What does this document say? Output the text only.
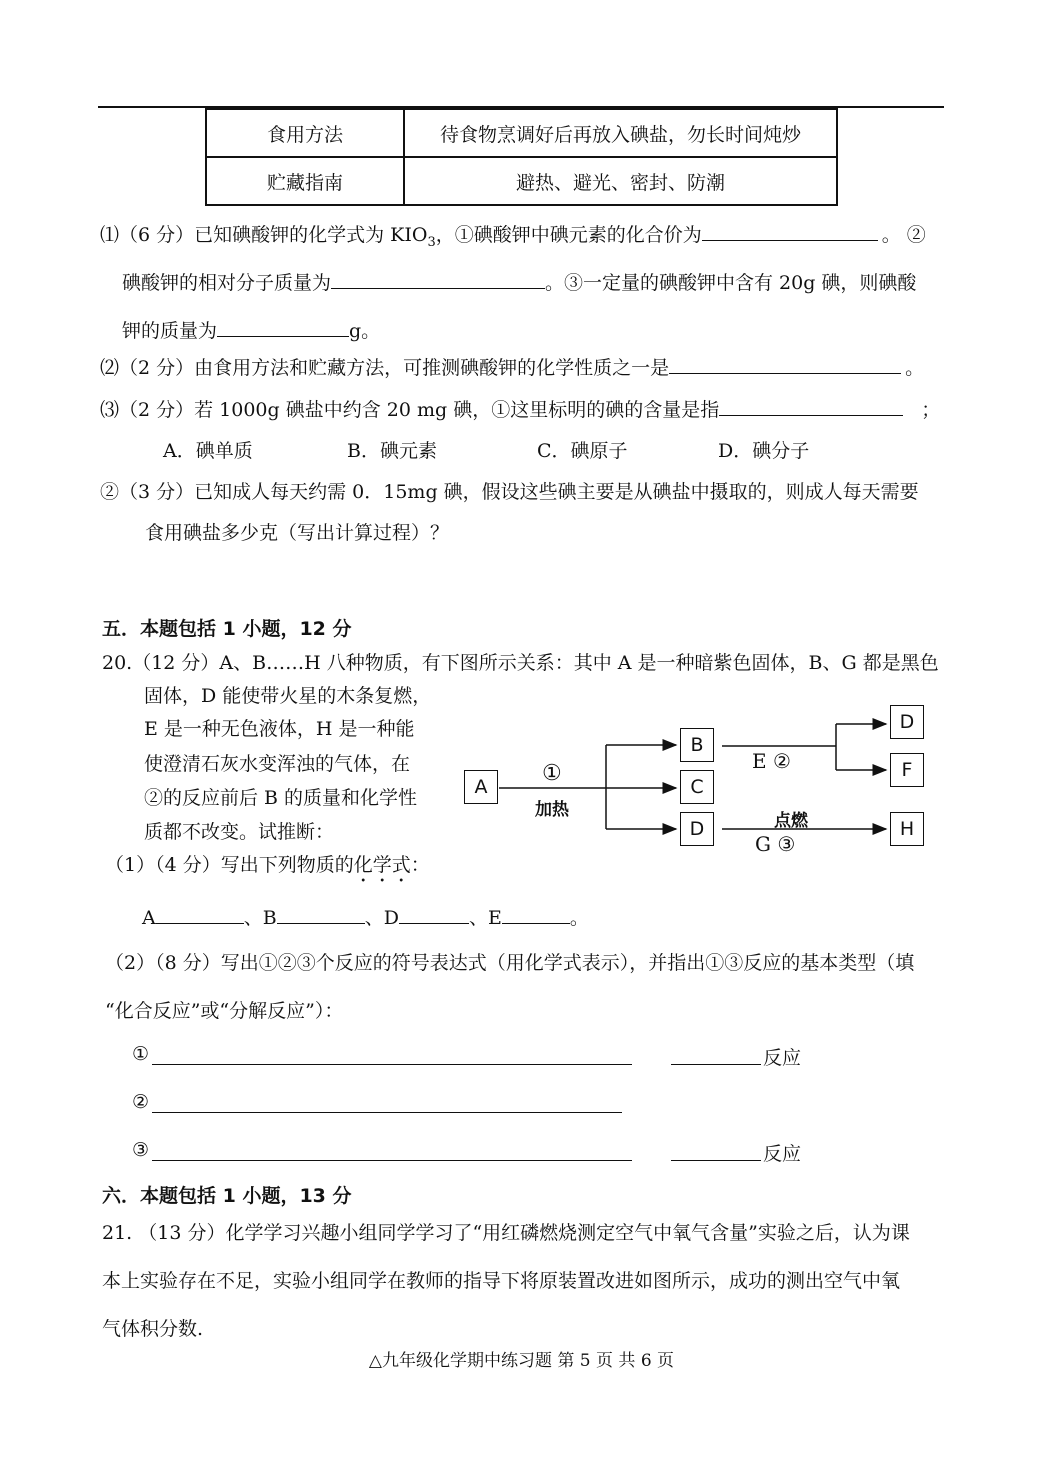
食用方法	待食物烹调好后再放入碘盐，勿长时间炖炒
贮藏指南	避热、避光、密封、防潮
⑴（6 分）已知碘酸钾的化学式为 $KIO_3$，①碘酸钾中碘元素的化合价为	。 ②
碘酸钾的相对分子质量为	。③一定量的碘酸钾中含有 20g 碘，则碘酸
钾的质量为	g。
⑵（2 分）由食用方法和贮藏方法，可推测碘酸钾的化学性质之一是	。
⑶（2 分）若 1000g 碘盐中约含 20 mg 碘，①这里标明的碘的含量是指	；
A．碘单质	B．碘元素	C．碘原子	D．碘分子
②（3 分）已知成人每天约需 0．15mg 碘，假设这些碘主要是从碘盐中摄取的，则成人每天需要
食用碘盐多少克（写出计算过程）？
五．本题包括 1 小题，12 分
20.（12 分）A、B……H 八种物质，有下图所示关系：其中 A 是一种暗紫色固体，B、G 都是黑色
固体，D 能使带火星的木条复燃，
E 是一种无色液体，H 是一种能
使澄清石灰水变浑浊的气体，在
②的反应前后 B 的质量和化学性
质都不改变。试推断：
（1）（4 分）写出下列物质的化学式：
A	、B	、D	、E	。
（2）（8 分）写出①②③个反应的符号表达式（用化学式表示），并指出①③反应的基本类型（填
“化合反应”或“分解反应”）：
①	反应
②
③	反应
六．本题包括 1 小题，13 分
21. （13 分）化学学习兴趣小组同学学习了“用红磷燃烧测定空气中氧气含量”实验之后，认为课
本上实验存在不足，实验小组同学在教师的指导下将原装置改进如图所示，成功的测出空气中氧
气体积分数.
A
B
C
D
D
F
H
①
加热
E ②
点燃
G ③
△九年级化学期中练习题 第 5 页 共 6 页
